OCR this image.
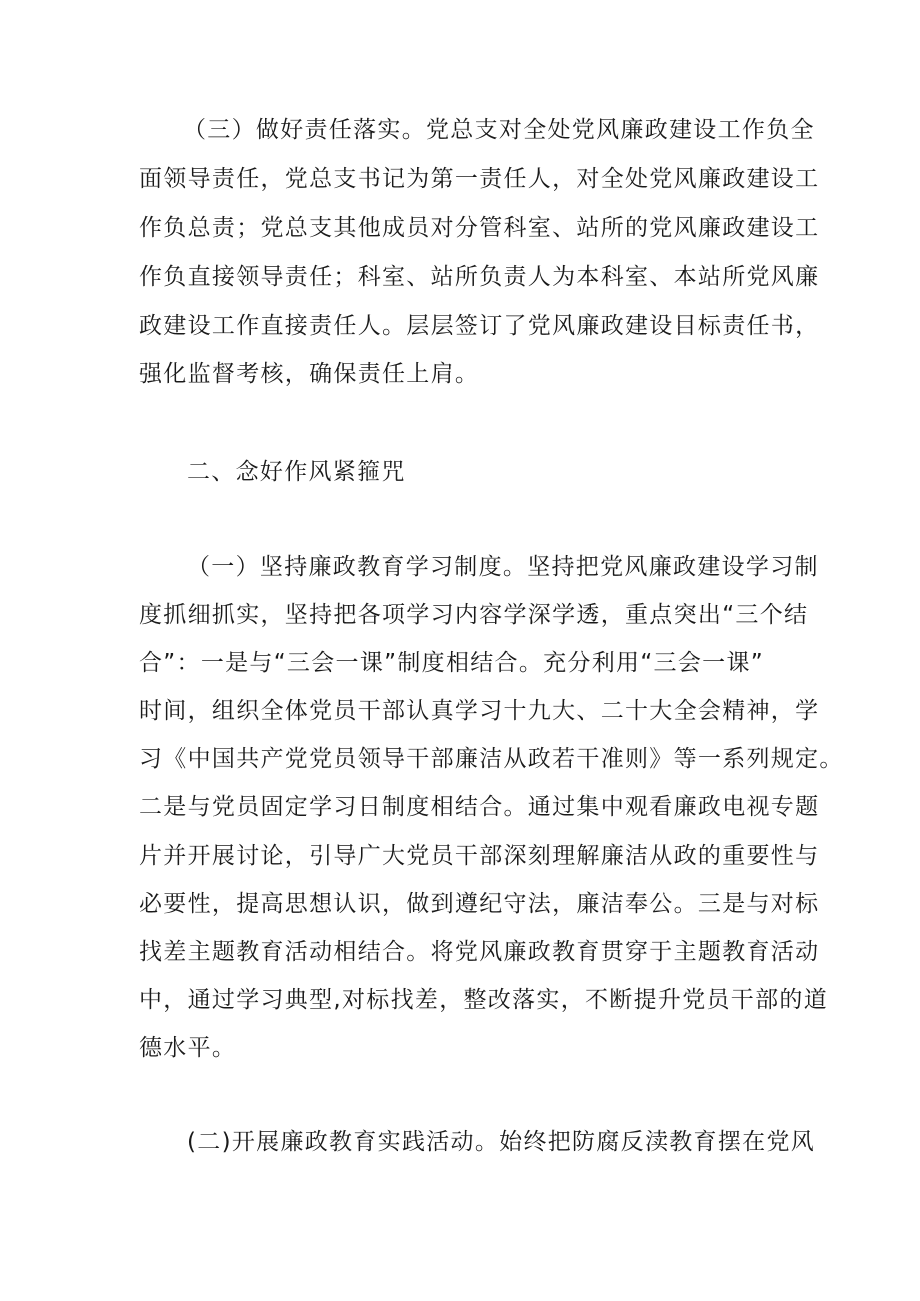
（三）做好责任落实。党总支对全处党风廉政建设工作负全
面领导责任，党总支书记为第一责任人，对全处党风廉政建设工
作负总责；党总支其他成员对分管科室、站所的党风廉政建设工
作负直接领导责任；科室、站所负责人为本科室、本站所党风廉
政建设工作直接责任人。层层签订了党风廉政建设目标责任书，
强化监督考核，确保责任上肩。
二、念好作风紧箍咒
（一）坚持廉政教育学习制度。坚持把党风廉政建设学习制
度抓细抓实，坚持把各项学习内容学深学透，重点突出“三个结
合”：一是与“三会一课”制度相结合。充分利用“三会一课”
时间，组织全体党员干部认真学习十九大、二十大全会精神，学
习《中国共产党党员领导干部廉洁从政若干准则》等一系列规定。
二是与党员固定学习日制度相结合。通过集中观看廉政电视专题
片并开展讨论，引导广大党员干部深刻理解廉洁从政的重要性与
必要性，提高思想认识，做到遵纪守法，廉洁奉公。三是与对标
找差主题教育活动相结合。将党风廉政教育贯穿于主题教育活动
中，通过学习典型,对标找差，整改落实，不断提升党员干部的道
德水平。
(二)开展廉政教育实践活动。始终把防腐反渎教育摆在党风
